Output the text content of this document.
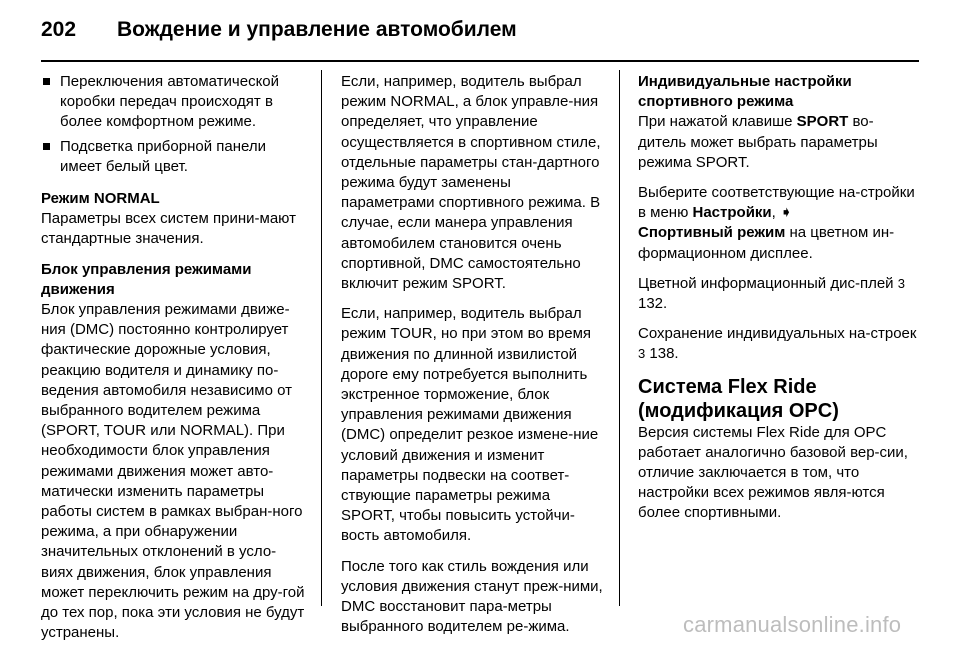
202 Вождение и управление автомобилем
Переключения автоматической коробки передач происходят в более комфортном режиме.
Подсветка приборной панели имеет белый цвет.

Режим NORMAL
Параметры всех систем прини-мают стандартные значения.

Блок управления режимами движения
Блок управления режимами движе-ния (DMC) постоянно контролирует фактические дорожные условия, реакцию водителя и динамику по-ведения автомобиля независимо от выбранного водителем режима (SPORT, TOUR или NORMAL). При необходимости блок управления режимами движения может авто-матически изменить параметры работы систем в рамках выбран-ного режима, а при обнаружении значительных отклонений в усло-виях движения, блок управления может переключить режим на дру-гой до тех пор, пока эти условия не будут устранены.

Если, например, водитель выбрал режим NORMAL, а блок управле-ния определяет, что управление осуществляется в спортивном стиле, отдельные параметры стан-дартного режима будут заменены параметрами спортивного режима. В случае, если манера управления автомобилем становится очень спортивной, DMC самостоятельно включит режим SPORT.

Если, например, водитель выбрал режим TOUR, но при этом во время движения по длинной извилистой дороге ему потребуется выполнить экстренное торможение, блок управления режимами движения (DMC) определит резкое измене-ние условий движения и изменит параметры подвески на соответ-ствующие параметры режима SPORT, чтобы повысить устойчи-вость автомобиля.

После того как стиль вождения или условия движения станут преж-ними, DMC восстановит пара-метры выбранного водителем ре-жима.

Индивидуальные настройки спортивного режима
При нажатой клавише SPORT во-дитель может выбрать параметры режима SPORT.

Выберите соответствующие на-стройки в меню Настройки, ➧
Спортивный режим на цветном ин-формационном дисплее.

Цветной информационный дис-плей 3 132.

Сохранение индивидуальных на-строек 3 138.

Система Flex Ride (модификация OPC)

Версия системы Flex Ride для OPC работает аналогично базовой вер-сии, отличие заключается в том, что настройки всех режимов явля-ются более спортивными.

carmanualsonline.info
